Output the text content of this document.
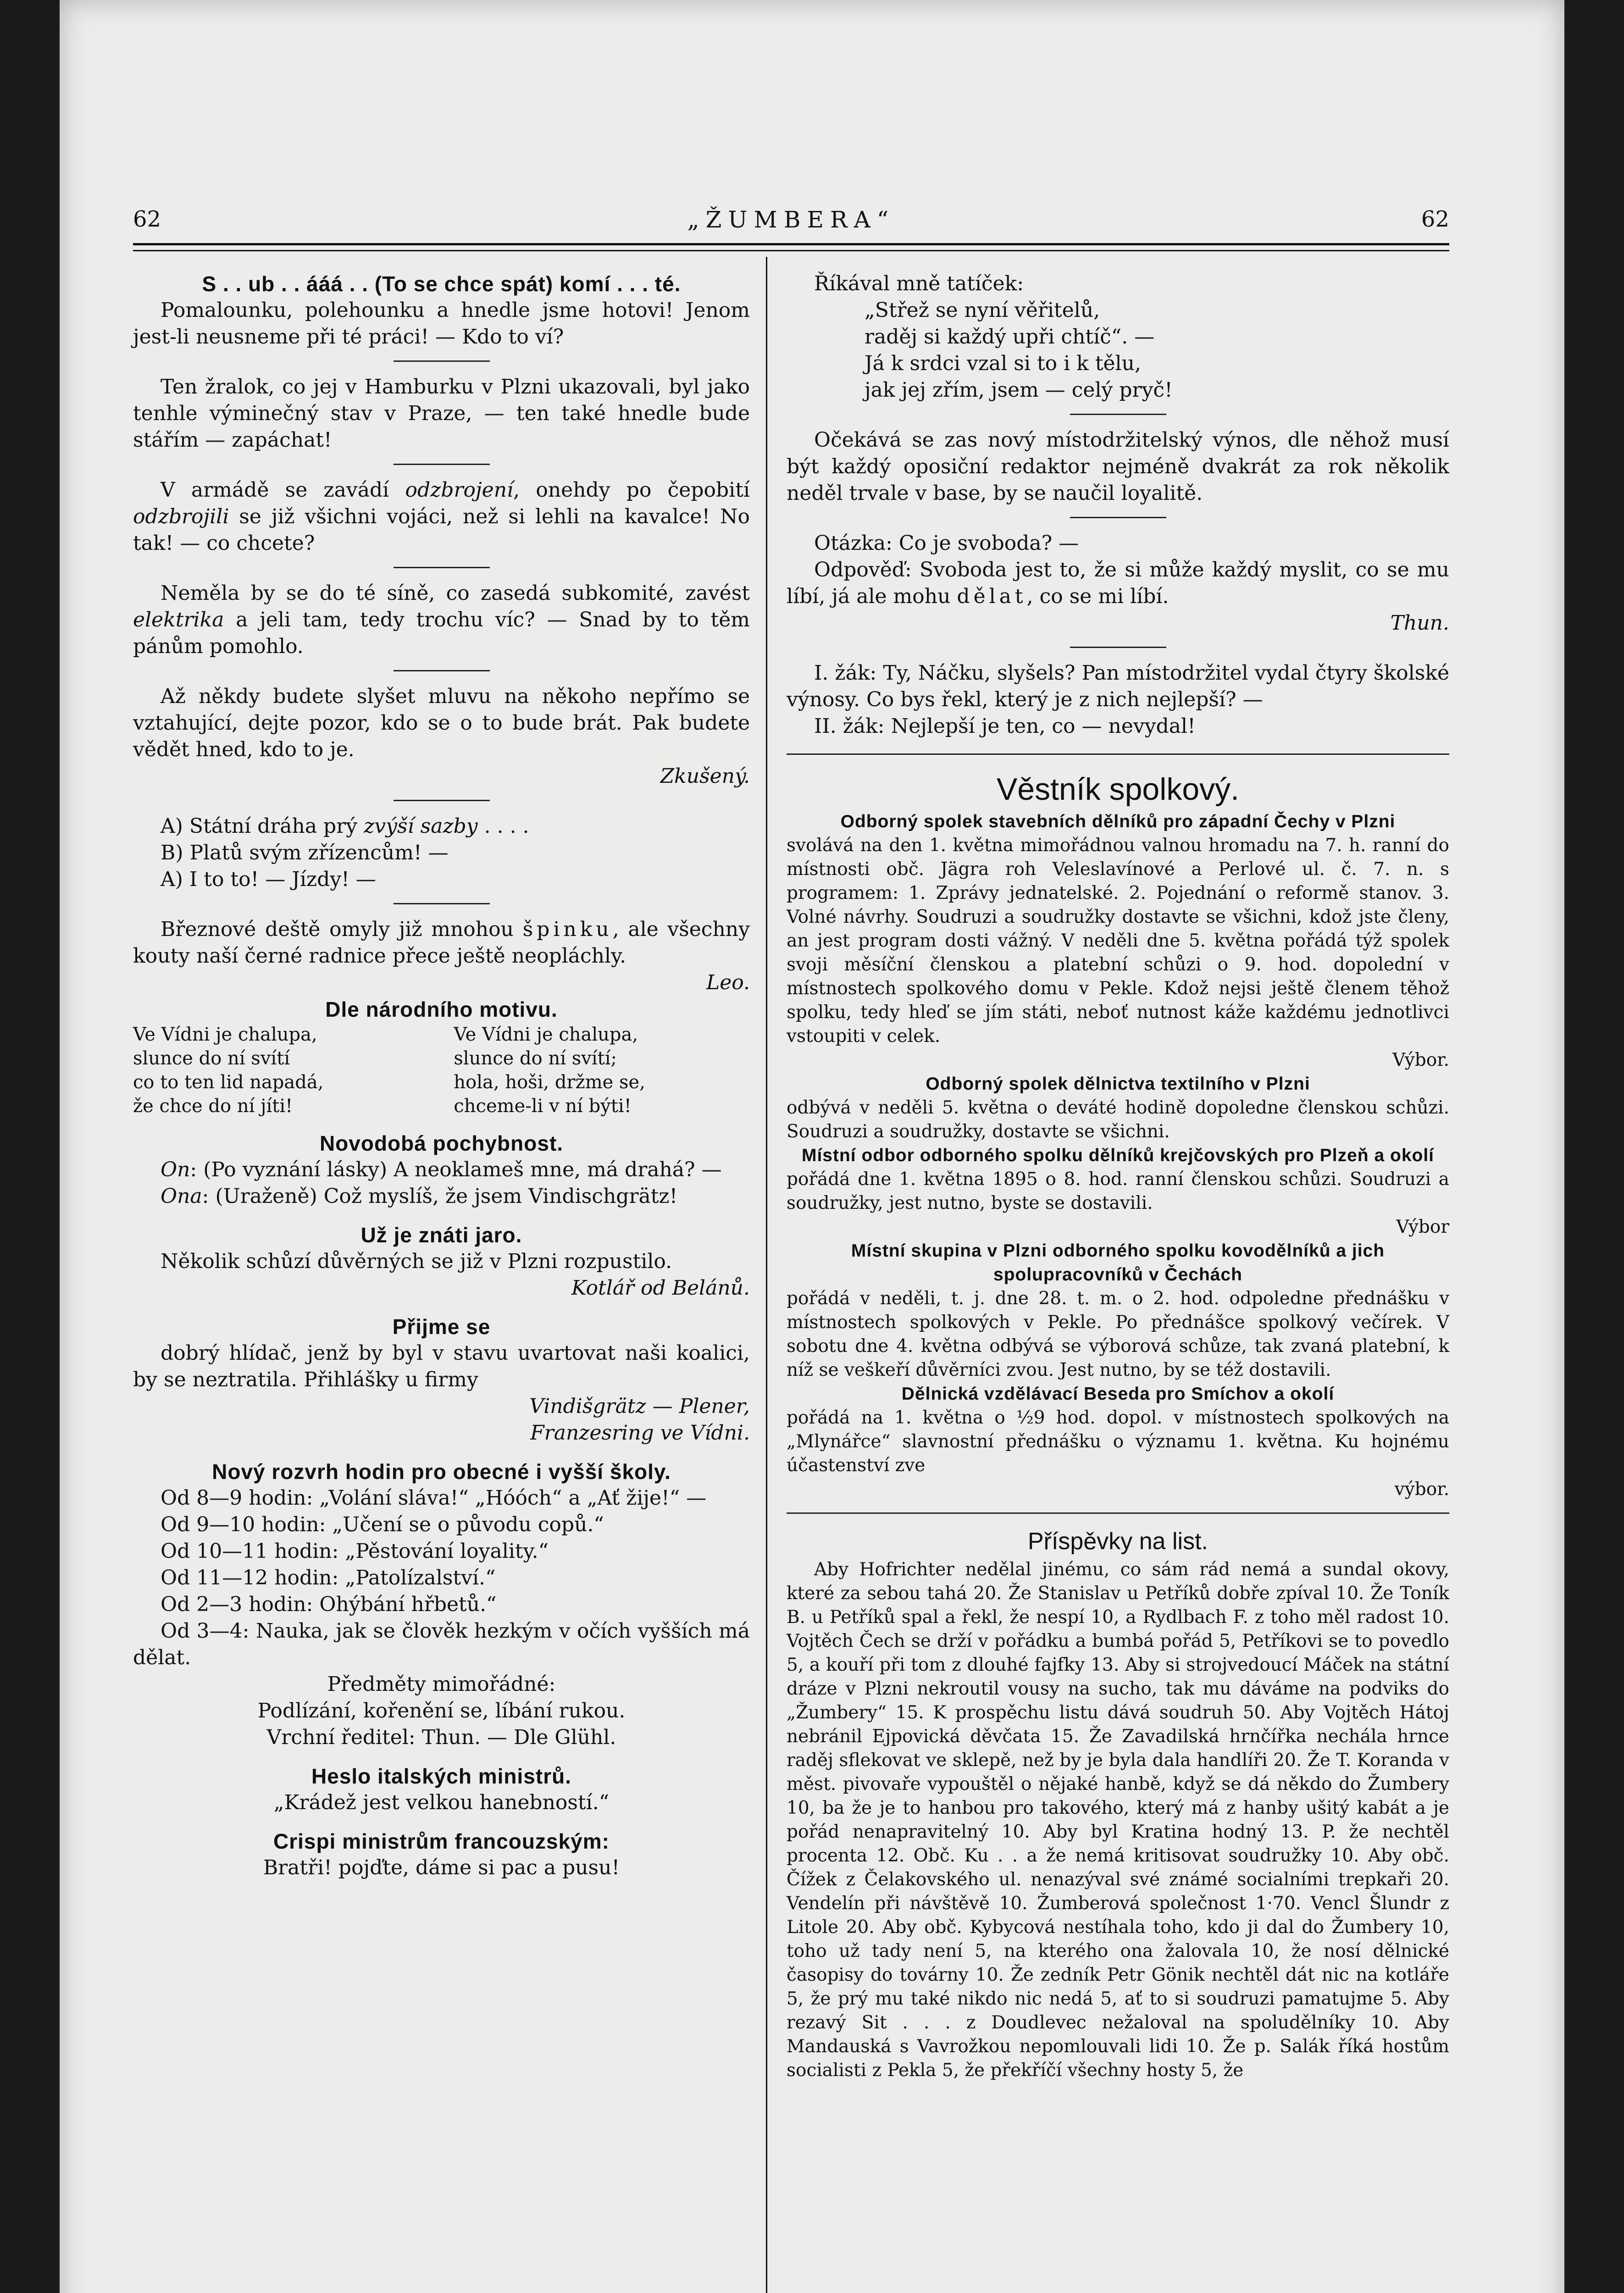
62	„ŽUMBERA“	62

S . . ub . . ááá . . (To se chce spát) komí . . . té.

Pomalounku, polehounku a hnedle jsme hotovi! Jenom jest-li neusneme při té práci! — Kdo to ví?

Ten žralok, co jej v Hamburku v Plzni ukazovali, byl jako tenhle výminečný stav v Praze, — ten také hnedle bude stářím — zapáchat!

V armádě se zavádí odzbrojení, onehdy po čepobití odzbrojili se již všichni vojáci, než si lehli na kavalce! No tak! — co chcete?

Neměla by se do té síně, co zasedá subkomité, zavést elektrika a jeli tam, tedy trochu víc? — Snad by to těm pánům pomohlo.

Až někdy budete slyšet mluvu na někoho nepřímo se vztahující, dejte pozor, kdo se o to bude brát. Pak budete vědět hned, kdo to je.

Zkušený.

A) Státní dráha prý zvýší sazby . . . .

B) Platů svým zřízencům! —

A) I to to! — Jízdy! —

Březnové deště omyly již mnohou špinku, ale všechny kouty naší černé radnice přece ještě neopláchly.

Leo.

Dle národního motivu.

Ve Vídni je chalupa,
slunce do ní svítí
co to ten lid napadá,
že chce do ní jíti!
Ve Vídni je chalupa,
slunce do ní svítí;
hola, hoši, držme se,
chceme-li v ní býti!

Novodobá pochybnost.

On: (Po vyznání lásky) A neoklameš mne, má drahá? —

Ona: (Uraženě) Což myslíš, že jsem Vindischgrätz!

Už je znáti jaro.

Několik schůzí důvěrných se již v Plzni rozpustilo.

Kotlář od Belánů.

Přijme se

dobrý hlídač, jenž by byl v stavu uvartovat naši koalici, by se neztratila. Přihlášky u firmy

Vindišgrätz — Plener,

Franzesring ve Vídni.

Nový rozvrh hodin pro obecné i vyšší školy.

Od 8—9 hodin: „Volání sláva!“ „Hóóch“ a „Ať žije!“ —

Od 9—10 hodin: „Učení se o původu copů.“

Od 10—11 hodin: „Pěstování loyality.“

Od 11—12 hodin: „Patolízalství.“

Od 2—3 hodin: Ohýbání hřbetů.“

Od 3—4: Nauka, jak se člověk hezkým v očích vyšších má dělat.

Předměty mimořádné:

Podlízání, kořenění se, líbání rukou.

Vrchní ředitel: Thun. — Dle Glühl.

Heslo italských ministrů.

„Krádež jest velkou hanebností.“

Crispi ministrům francouzským:

Bratři! pojďte, dáme si pac a pusu!

Říkával mně tatíček:

„Střež se nyní věřitelů,

raděj si každý upři chtíč“. —

Já k srdci vzal si to i k tělu,

jak jej zřím, jsem — celý pryč!

Očekává se zas nový místodržitelský výnos, dle něhož musí být každý oposiční redaktor nejméně dvakrát za rok několik neděl trvale v base, by se naučil loyalitě.

Otázka: Co je svoboda? —

Odpověď: Svoboda jest to, že si může každý myslit, co se mu líbí, já ale mohu dělat, co se mi líbí.

Thun.

I. žák: Ty, Náčku, slyšels? Pan místodržitel vydal čtyry školské výnosy. Co bys řekl, který je z nich nejlepší? —

II. žák: Nejlepší je ten, co — nevydal!

Věstník spolkový.

Odborný spolek stavebních dělníků pro západní Čechy v Plzni

svolává na den 1. května mimořádnou valnou hromadu na 7. h. ranní do místnosti obč. Jägra roh Veleslavínové a Perlové ul. č. 7. n. s programem: 1. Zprávy jednatelské. 2. Pojednání o reformě stanov. 3. Volné návrhy. Soudruzi a soudružky dostavte se všichni, kdož jste členy, an jest program dosti vážný. V neděli dne 5. května pořádá týž spolek svoji měsíční členskou a platební schůzi o 9. hod. dopolední v místnostech spolkového domu v Pekle. Kdož nejsi ještě členem těhož spolku, tedy hleď se jím státi, neboť nutnost káže každému jednotlivci vstoupiti v celek.

Výbor.

Odborný spolek dělnictva textilního v Plzni

odbývá v neděli 5. května o deváté hodině dopoledne členskou schůzi. Soudruzi a soudružky, dostavte se všichni.

Místní odbor odborného spolku dělníků krejčovských pro Plzeň a okolí

pořádá dne 1. května 1895 o 8. hod. ranní členskou schůzi. Soudruzi a soudružky, jest nutno, byste se dostavili.

Výbor

Místní skupina v Plzni odborného spolku kovodělníků a jich spolupracovníků v Čechách

pořádá v neděli, t. j. dne 28. t. m. o 2. hod. odpoledne přednášku v místnostech spolkových v Pekle. Po přednášce spolkový večírek. V sobotu dne 4. května odbývá se výborová schůze, tak zvaná platební, k níž se veškeří důvěrníci zvou. Jest nutno, by se též dostavili.

Dělnická vzdělávací Beseda pro Smíchov a okolí

pořádá na 1. května o ½9 hod. dopol. v místnostech spolkových na „Mlynářce“ slavnostní přednášku o významu 1. května. Ku hojnému účastenství zve

výbor.

Příspěvky na list.

Aby Hofrichter nedělal jinému, co sám rád nemá a sundal okovy, které za sebou tahá 20. Že Stanislav u Petříků dobře zpíval 10. Že Toník B. u Petříků spal a řekl, že nespí 10, a Rydlbach F. z toho měl radost 10. Vojtěch Čech se drží v pořádku a bumbá pořád 5, Petříkovi se to povedlo 5, a kouří při tom z dlouhé fajfky 13. Aby si strojvedoucí Máček na státní dráze v Plzni nekroutil vousy na sucho, tak mu dáváme na podviks do „Žumbery“ 15. K prospěchu listu dává soudruh 50. Aby Vojtěch Hátoj nebránil Ejpovická děvčata 15. Že Zavadilská hrnčířka nechála hrnce raděj sflekovat ve sklepě, než by je byla dala handlíři 20. Že T. Koranda v měst. pivovaře vypouštěl o nějaké hanbě, když se dá někdo do Žumbery 10, ba že je to hanbou pro takového, který má z hanby ušitý kabát a je pořád nenapravitelný 10. Aby byl Kratina hodný 13. P. že nechtěl procenta 12. Obč. Ku . . a že nemá kritisovat soudružky 10. Aby obč. Čížek z Čelakovského ul. nenazýval své známé socialními trepkaři 20. Vendelín při návštěvě 10. Žumberová společnost 1·70. Vencl Šlundr z Litole 20. Aby obč. Kybycová nestíhala toho, kdo ji dal do Žumbery 10, toho už tady není 5, na kterého ona žalovala 10, že nosí dělnické časopisy do továrny 10. Že zedník Petr Gönik nechtěl dát nic na kotláře 5, že prý mu také nikdo nic nedá 5, ať to si soudruzi pamatujme 5. Aby rezavý Sit . . . z Doudlevec nežaloval na spoludělníky 10. Aby Mandauská s Vavrožkou nepomlouvali lidi 10. Že p. Salák říká hostům socialisti z Pekla 5, že překříčí všechny hosty 5, že
